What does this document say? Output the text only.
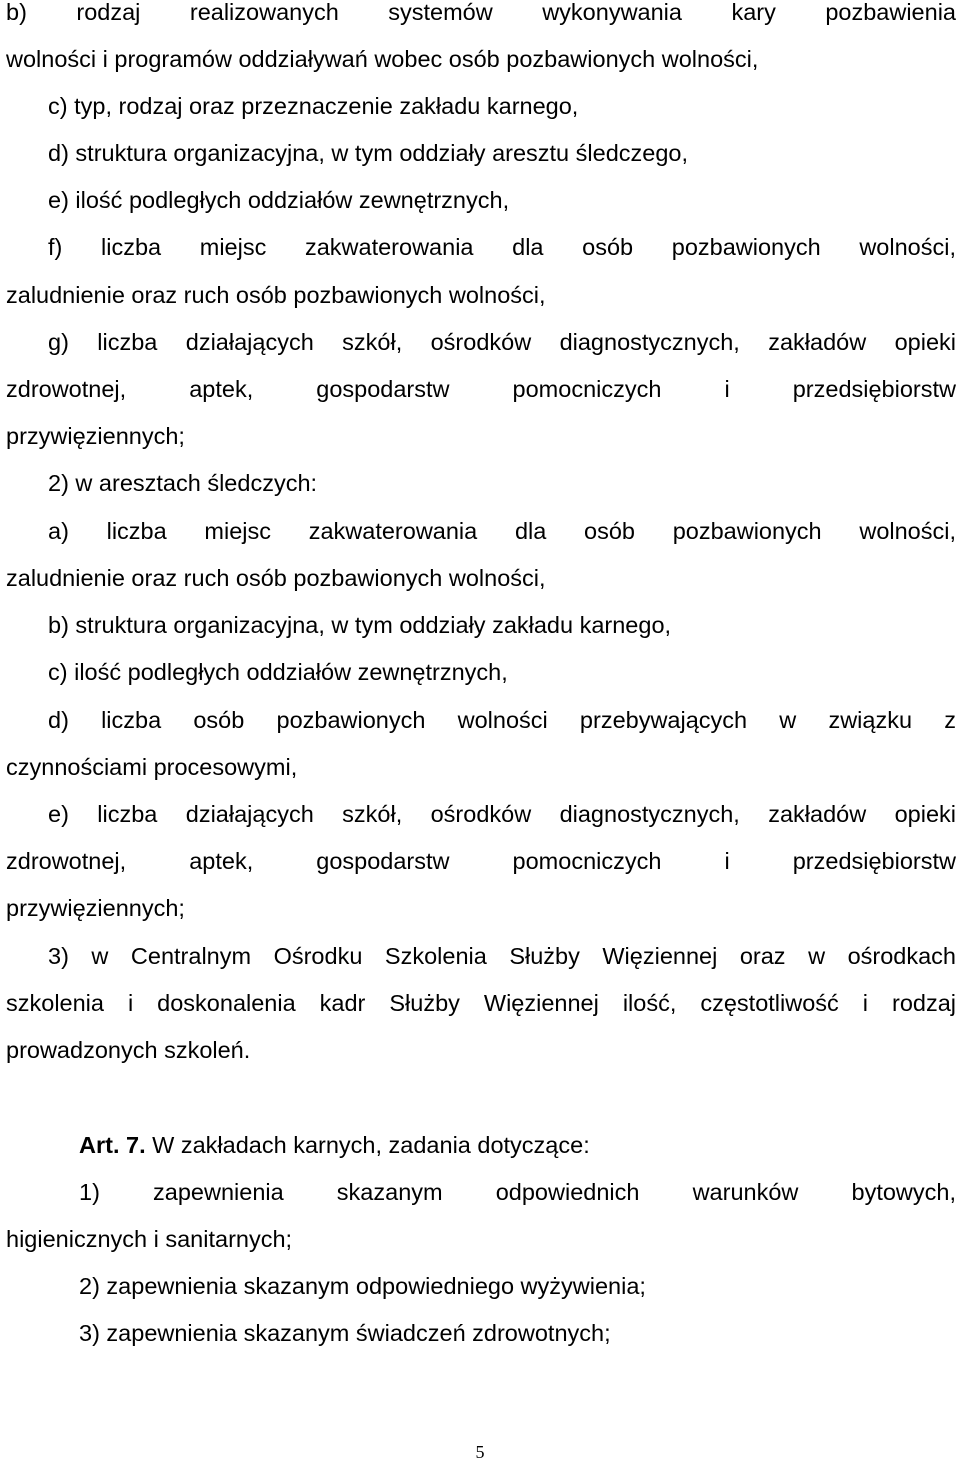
b) rodzaj realizowanych systemów wykonywania kary pozbawienia
wolności i programów oddziaływań wobec osób pozbawionych wolności,
c) typ, rodzaj oraz przeznaczenie zakładu karnego,
d) struktura organizacyjna, w tym oddziały aresztu śledczego,
e) ilość podległych oddziałów zewnętrznych,
f) liczba miejsc zakwaterowania dla osób pozbawionych wolności,
zaludnienie oraz ruch osób pozbawionych wolności,
g) liczba działających szkół, ośrodków diagnostycznych, zakładów opieki
zdrowotnej, aptek, gospodarstw pomocniczych i przedsiębiorstw
przywięziennych;
2) w aresztach śledczych:
a) liczba miejsc zakwaterowania dla osób pozbawionych wolności,
zaludnienie oraz ruch osób pozbawionych wolności,
b) struktura organizacyjna, w tym oddziały zakładu karnego,
c) ilość podległych oddziałów zewnętrznych,
d) liczba osób pozbawionych wolności przebywających w związku z
czynnościami procesowymi,
e) liczba działających szkół, ośrodków diagnostycznych, zakładów opieki
zdrowotnej, aptek, gospodarstw pomocniczych i przedsiębiorstw
przywięziennych;
3) w Centralnym Ośrodku Szkolenia Służby Więziennej oraz w ośrodkach
szkolenia i doskonalenia kadr Służby Więziennej ilość, częstotliwość i rodzaj
prowadzonych szkoleń.
Art. 7. W zakładach karnych, zadania dotyczące:
1) zapewnienia skazanym odpowiednich warunków bytowych,
higienicznych i sanitarnych;
2) zapewnienia skazanym odpowiedniego wyżywienia;
3) zapewnienia skazanym świadczeń zdrowotnych;
5
